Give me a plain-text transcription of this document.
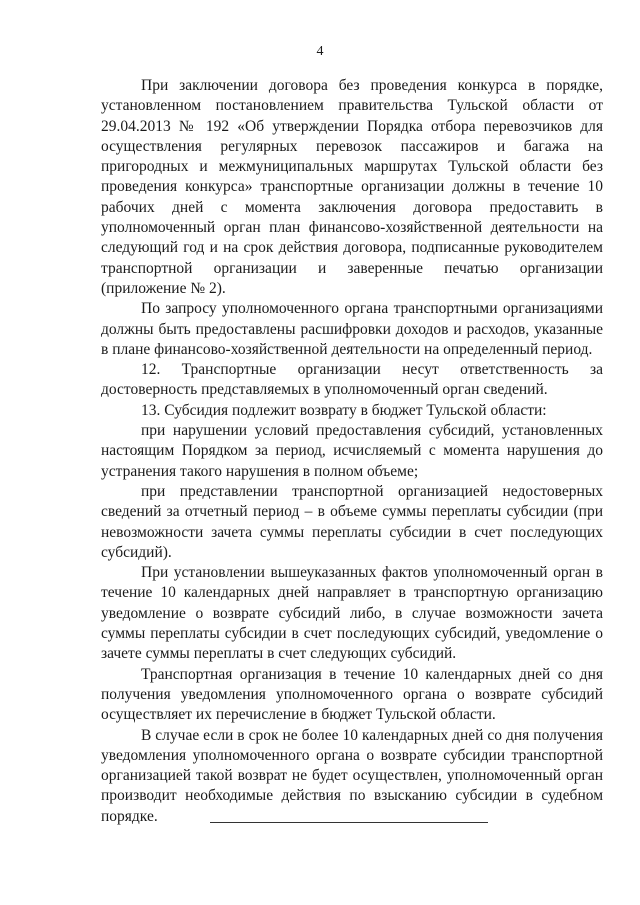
4

При заключении договора без проведения конкурса в порядке, установленном постановлением правительства Тульской области от 29.04.2013 № 192 «Об утверждении Порядка отбора перевозчиков для осуществления регулярных перевозок пассажиров и багажа на пригородных и межмуниципальных маршрутах Тульской области без проведения конкурса» транспортные организации должны в течение 10 рабочих дней с момента заключения договора предоставить в уполномоченный орган план финансово-хозяйственной деятельности на следующий год и на срок действия договора, подписанные руководителем транспортной организации и заверенные печатью организации (приложение № 2).

По запросу уполномоченного органа транспортными организациями должны быть предоставлены расшифровки доходов и расходов, указанные в плане финансово-хозяйственной деятельности на определенный период.

12. Транспортные организации несут ответственность за достоверность представляемых в уполномоченный орган сведений.

13. Субсидия подлежит возврату в бюджет Тульской области:

при нарушении условий предоставления субсидий, установленных настоящим Порядком за период, исчисляемый с момента нарушения до устранения такого нарушения в полном объеме;

при представлении транспортной организацией недостоверных сведений за отчетный период – в объеме суммы переплаты субсидии (при невозможности зачета суммы переплаты субсидии в счет последующих субсидий).

При установлении вышеуказанных фактов уполномоченный орган в течение 10 календарных дней направляет в транспортную организацию уведомление о возврате субсидий либо, в случае возможности зачета суммы переплаты субсидии в счет последующих субсидий, уведомление о зачете суммы переплаты в счет следующих субсидий.

Транспортная организация в течение 10 календарных дней со дня получения уведомления уполномоченного органа о возврате субсидий осуществляет их перечисление в бюджет Тульской области.

В случае если в срок не более 10 календарных дней со дня получения уведомления уполномоченного органа о возврате субсидии транспортной организацией такой возврат не будет осуществлен, уполномоченный орган производит необходимые действия по взысканию субсидии в судебном порядке.
